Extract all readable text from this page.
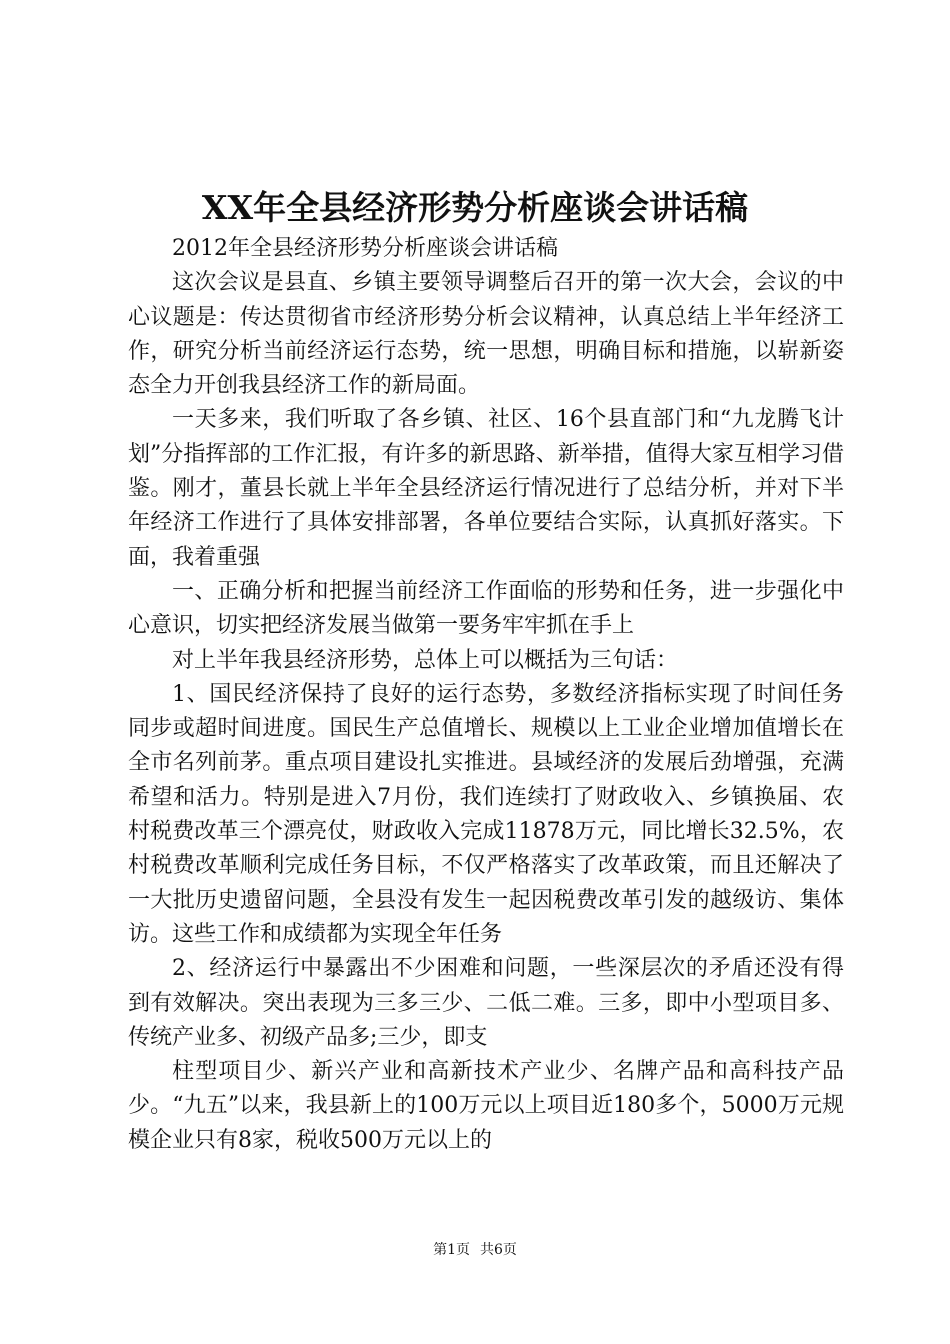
XX年全县经济形势分析座谈会讲话稿

2012年全县经济形势分析座谈会讲话稿

这次会议是县直、乡镇主要领导调整后召开的第一次大会，会议的中心议题是：传达贯彻省市经济形势分析会议精神，认真总结上半年经济工作，研究分析当前经济运行态势，统一思想，明确目标和措施，以崭新姿态全力开创我县经济工作的新局面。

一天多来，我们听取了各乡镇、社区、16个县直部门和“九龙腾飞计划”分指挥部的工作汇报，有许多的新思路、新举措，值得大家互相学习借鉴。刚才，董县长就上半年全县经济运行情况进行了总结分析，并对下半年经济工作进行了具体安排部署，各单位要结合实际，认真抓好落实。下面，我着重强

一、正确分析和把握当前经济工作面临的形势和任务，进一步强化中心意识，切实把经济发展当做第一要务牢牢抓在手上

对上半年我县经济形势，总体上可以概括为三句话：

1、国民经济保持了良好的运行态势，多数经济指标实现了时间任务同步或超时间进度。国民生产总值增长、规模以上工业企业增加值增长在全市名列前茅。重点项目建设扎实推进。县域经济的发展后劲增强，充满希望和活力。特别是进入7月份，我们连续打了财政收入、乡镇换届、农村税费改革三个漂亮仗，财政收入完成11878万元，同比增长32.5%，农村税费改革顺利完成任务目标，不仅严格落实了改革政策，而且还解决了一大批历史遗留问题，全县没有发生一起因税费改革引发的越级访、集体访。这些工作和成绩都为实现全年任务

2、经济运行中暴露出不少困难和问题，一些深层次的矛盾还没有得到有效解决。突出表现为三多三少、二低二难。三多，即中小型项目多、传统产业多、初级产品多;三少，即支

柱型项目少、新兴产业和高新技术产业少、名牌产品和高科技产品少。“九五”以来，我县新上的100万元以上项目近180多个，5000万元规模企业只有8家，税收500万元以上的

第1页 共6页
